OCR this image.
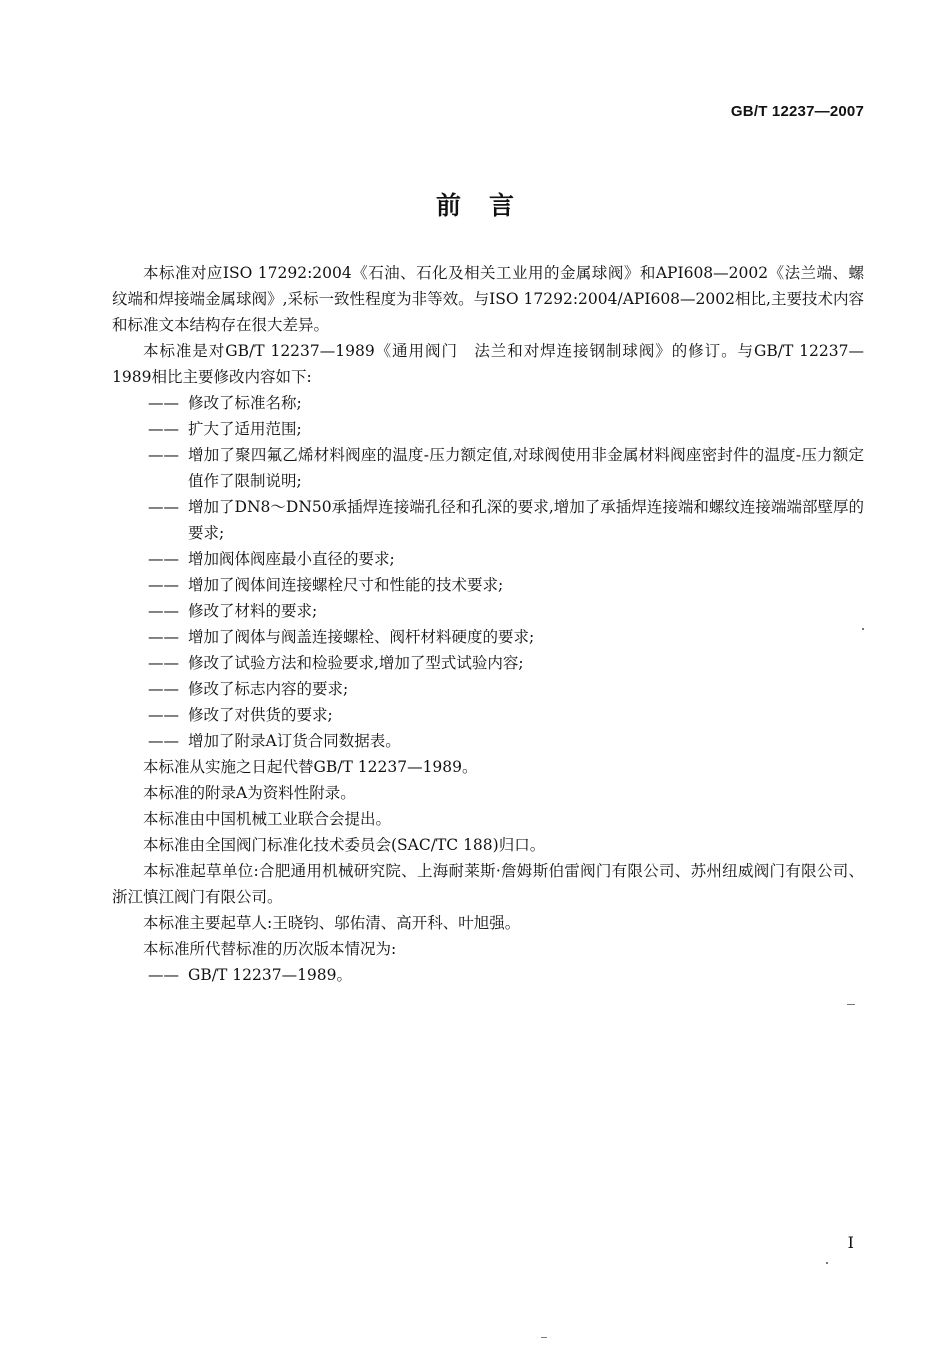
GB/T 12237—2007
前言

本标准对应ISO 17292:2004《石油、石化及相关工业用的金属球阀》和API608—2002《法兰端、螺纹端和焊接端金属球阀》,采标一致性程度为非等效。与ISO 17292:2004/API608—2002相比,主要技术内容和标准文本结构存在很大差异。

本标准是对GB/T 12237—1989《通用阀门　法兰和对焊连接钢制球阀》的修订。与GB/T 12237—1989相比主要修改内容如下:

—— 修改了标准名称;
—— 扩大了适用范围;
—— 增加了聚四氟乙烯材料阀座的温度-压力额定值,对球阀使用非金属材料阀座密封件的温度-压力额定值作了限制说明;
—— 增加了DN8～DN50承插焊连接端孔径和孔深的要求,增加了承插焊连接端和螺纹连接端端部壁厚的要求;
—— 增加阀体阀座最小直径的要求;
—— 增加了阀体间连接螺栓尺寸和性能的技术要求;
—— 修改了材料的要求;
—— 增加了阀体与阀盖连接螺栓、阀杆材料硬度的要求;
—— 修改了试验方法和检验要求,增加了型式试验内容;
—— 修改了标志内容的要求;
—— 修改了对供货的要求;
—— 增加了附录A订货合同数据表。

本标准从实施之日起代替GB/T 12237—1989。

本标准的附录A为资料性附录。

本标准由中国机械工业联合会提出。

本标准由全国阀门标准化技术委员会(SAC/TC 188)归口。

本标准起草单位:合肥通用机械研究院、上海耐莱斯·詹姆斯伯雷阀门有限公司、苏州纽威阀门有限公司、浙江慎江阀门有限公司。

本标准主要起草人:王晓钧、邬佑清、高开科、叶旭强。

本标准所代替标准的历次版本情况为:

—— GB/T 12237—1989。
I
